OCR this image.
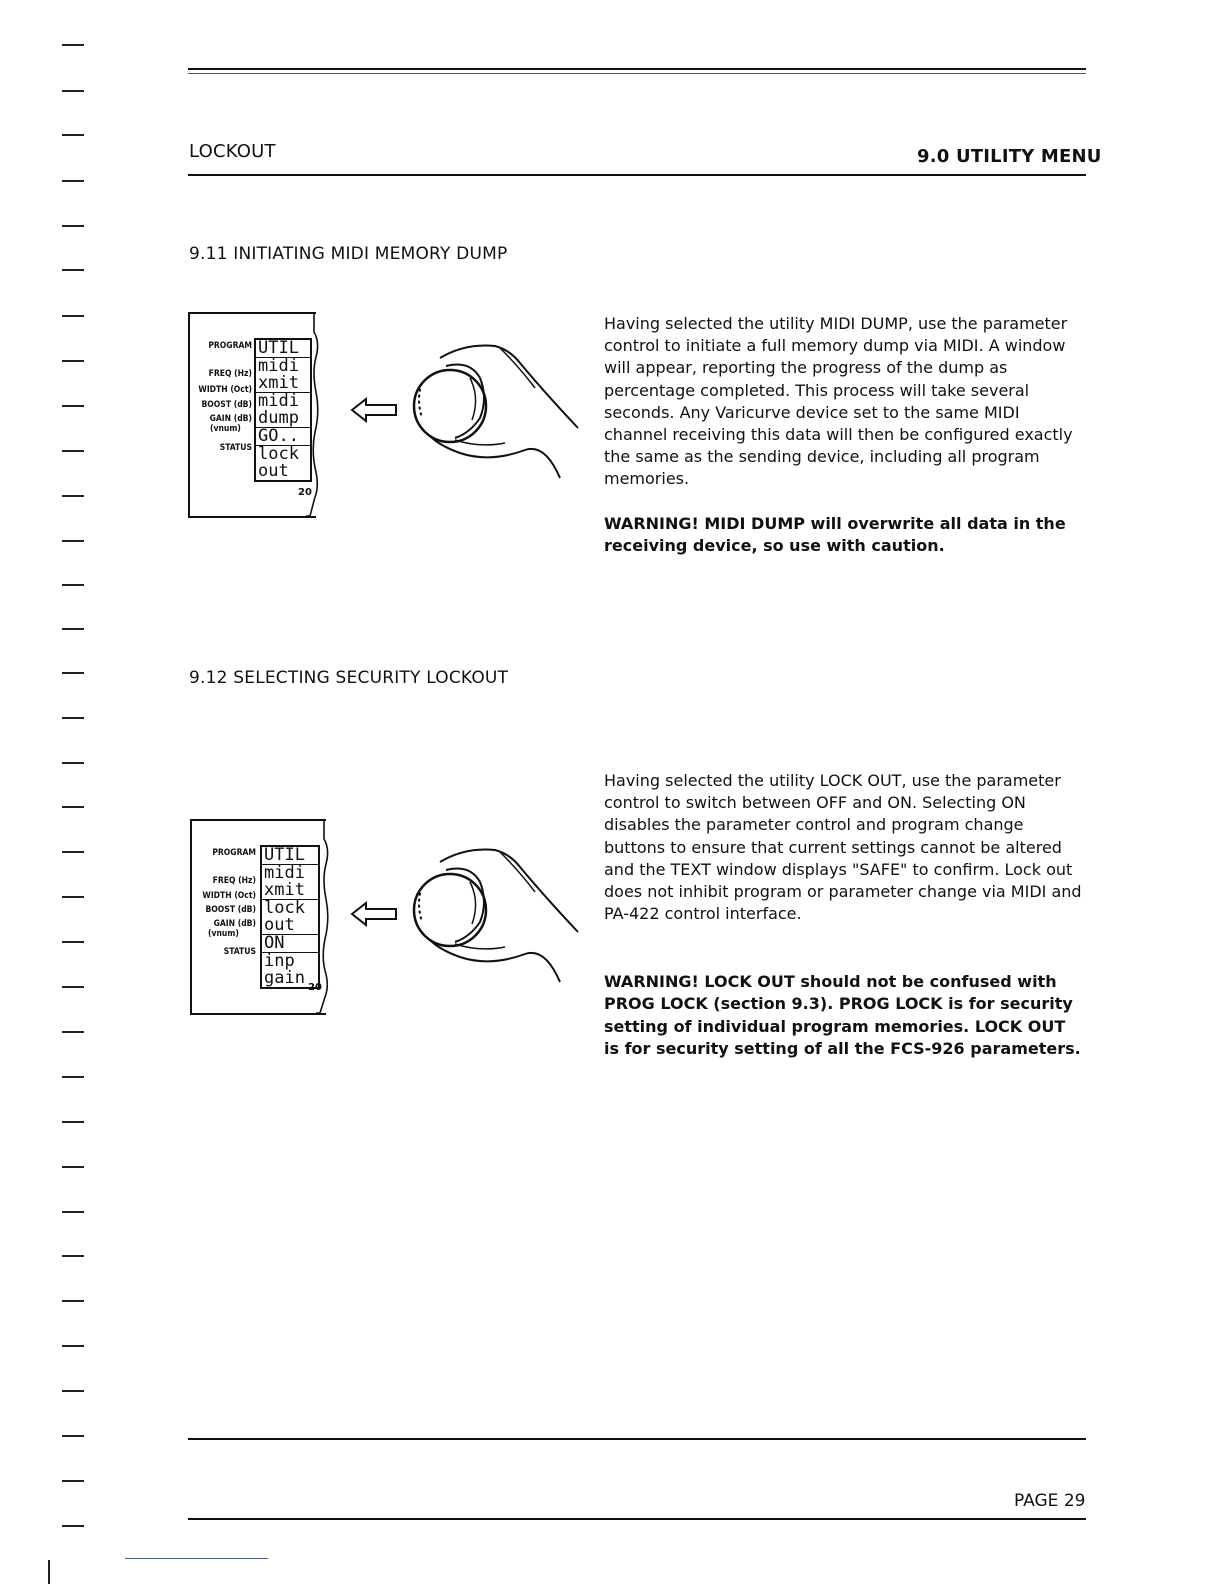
LOCKOUT	9.0 UTILITY MENU
9.11 INITIATING MIDI MEMORY DUMP
PROGRAM
FREQ (Hz)
WIDTH (Oct)
BOOST (dB)
GAIN (dB)
(vnum)
STATUS
UTIL
midi
xmit
midi
dump
GO..
lock
out
20
Having selected the utility MIDI DUMP, use the parameter control to initiate a full memory dump via MIDI. A window will appear, reporting the progress of the dump as percentage completed. This process will take several seconds. Any Varicurve device set to the same MIDI channel receiving this data will then be configured exactly the same as the sending device, including all program memories.
WARNING! MIDI DUMP will overwrite all data in the receiving device, so use with caution.
9.12 SELECTING SECURITY LOCKOUT
PROGRAM
FREQ (Hz)
WIDTH (Oct)
BOOST (dB)
GAIN (dB)
(vnum)
STATUS
UTIL
midi
xmit
lock
out
ON
inp
gain 20
Having selected the utility LOCK OUT, use the parameter control to switch between OFF and ON. Selecting ON disables the parameter control and program change buttons to ensure that current settings cannot be altered and the TEXT window displays "SAFE" to confirm. Lock out does not inhibit program or parameter change via MIDI and PA-422 control interface.
WARNING! LOCK OUT should not be confused with PROG LOCK (section 9.3). PROG LOCK is for security setting of individual program memories. LOCK OUT is for security setting of all the FCS-926 parameters.
PAGE 29
